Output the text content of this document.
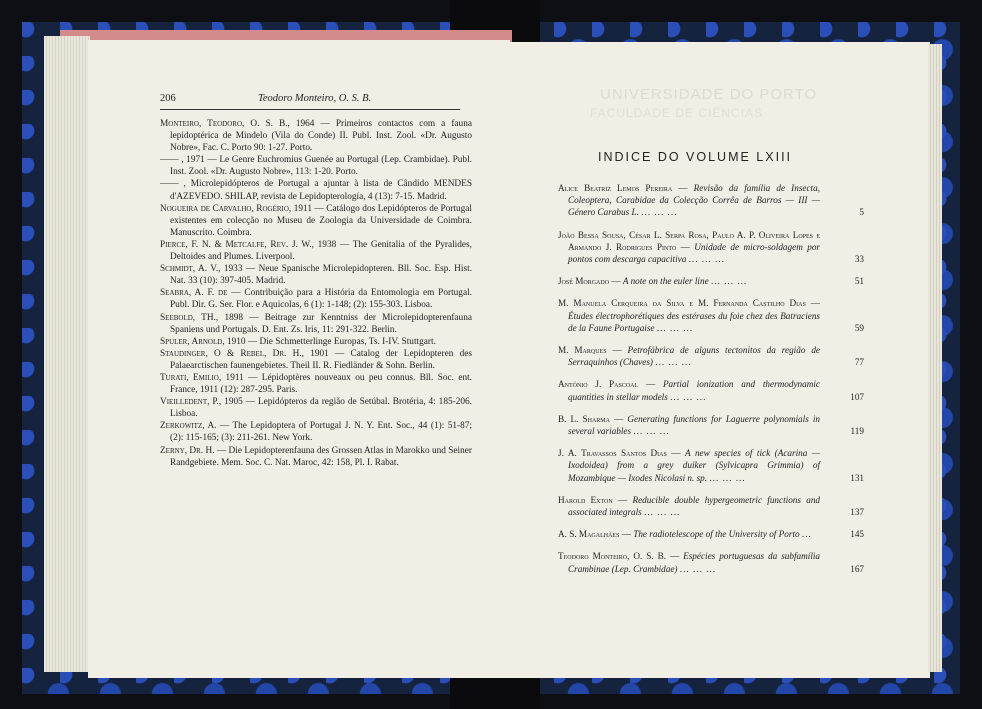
206	Teodoro Monteiro, O. S. B.

Monteiro, Teodoro, O. S. B., 1964 — Primeiros contactos com a fauna lepidoptérica de Mindelo (Vila do Conde) II. Publ. Inst. Zool. «Dr. Augusto Nobre», Fac. C. Porto 90: 1-27. Porto.

—— , 1971 — Le Genre Euchromius Guenée au Portugal (Lep. Crambidae). Publ. Inst. Zool. «Dr. Augusto Nobre», 113: 1-20. Porto.

—— , Microlepidópteros de Portugal a ajuntar à lista de Cândido MENDES d'AZEVEDO. SHILAP, revista de Lepidopterología, 4 (13): 7-15. Madrid.

Nogueira de Carvalho, Rogério, 1911 — Catálogo dos Lepidópteros de Portugal existentes em colecção no Museu de Zoologia da Universidade de Coimbra. Manuscrito. Coimbra.

Pierce, F. N. & Metcalfe, Rev. J. W., 1938 — The Genitalia of the Pyralides, Deltoides and Plumes. Liverpool.

Schmidt, A. V., 1933 — Neue Spanische Microlepidopteren. Bll. Soc. Esp. Hist. Nat. 33 (10): 397-405. Madrid.

Seabra, A. F. de — Contribuição para a História da Entomologia em Portugal. Publ. Dir. G. Ser. Flor. e Aquicolas, 6 (1): 1-148; (2): 155-303. Lisboa.

Seebold, TH., 1898 — Beitrage zur Kenntniss der Microlepidopterenfauna Spaniens und Portugals. D. Ent. Zs. Iris, 11: 291-322. Berlin.

Spuler, Arnold, 1910 — Die Schmetterlinge Europas, Ts. I-IV. Stuttgart.

Staudinger, O & Rebel, Dr. H., 1901 — Catalog der Lepidopteren des Palaearctischen faunengebietes. Theil II. R. Fiedländer & Sohn. Berlin.

Turati, Emilio, 1911 — Lépidoptères nouveaux ou peu connus. Bll. Soc. ent. France, 1911 (12): 287-295. Paris.

Vieilledent, P., 1905 — Lepidópteros da região de Setúbal. Brotéria, 4: 185-206. Lisboa.

Zerkowitz, A. — The Lepidoptera of Portugal J. N. Y. Ent. Soc., 44 (1): 51-87; (2): 115-165; (3): 211-261. New York.

Zerny, Dr. H. — Die Lepidopterenfauna des Grossen Atlas in Marokko und Seiner Randgebiete. Mem. Soc. C. Nat. Maroc, 42: 158, Pl. I. Rabat.

UNIVERSIDADE DO PORTO
FACULDADE DE CIÊNCIAS
INDICE DO VOLUME LXIII

Alice Beatriz Lemos Pereira — Revisão da família de Insecta, Coleoptera, Carabidae da Colecção Corrêa de Barros — III — Género Carabus L. ... ... ...	5

João Bessa Sousa, César L. Serpa Rosa, Paulo A. P. Oliveira Lopes e Armando J. Rodrigues Pinto — Unidade de micro-soldagem por pontos com descarga capacitiva ... ... ...	33

José Morgado — A note on the euler line ... ... ...	51

M. Manuela Cerqueira da Silva e M. Fernanda Castilho Dias — Études électrophorétiques des estérases du foie chez des Batraciens de la Faune Portugaise ... ... ...	59

M. Marques — Petrofábrica de alguns tectonitos da região de Serraquinhos (Chaves) ... ... ...	77

António J. Pascoal — Partial ionization and thermodynamic quantities in stellar models ... ... ...	107

B. L. Sharma — Generating functions for Laguerre polynomials in several variables ... ... ...	119

J. A. Travassos Santos Dias — A new species of tick (Acarina — Ixodoidea) from a grey duiker (Sylvicapra Grimmia) of Mozambique — Ixodes Nicolasi n. sp. ... ... ...	131

Harold Exton — Reducible double hypergeometric functions and associated integrals ... ... ...	137

A. S. Magalhães — The radiotelescope of the University of Porto ...	145

Teodoro Monteiro, O. S. B. — Espécies portuguesas da subfamília Crambinae (Lep. Crambidae) ... ... ...	167
